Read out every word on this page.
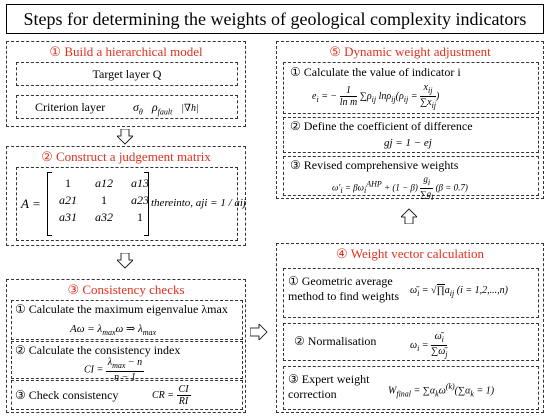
Steps for determining the weights of geological complexity indicators
① Build a hierarchical model
Target layer Q
Criterion layer $\sigma_\theta$   $\rho_{fault}$ |∇h|
② Construct a judgement matrix
A =
1	a12	a13
a21	1	a23
a31	a32	1
thereinto, aji = 1 / aij
③ Consistency checks
① Calculate the maximum eigenvalue λmax
$A\omega = \lambda_{max}\omega$ ⇒ $\lambda_{max}$
② Calculate the consistency index
CI = $\frac{\lambda_{max} - n}{n - 1}$
③ Check consistency	CR = $\frac{CI}{RI}$
⑤ Dynamic weight adjustment
① Calculate the value of indicator i
$e_i$ = − $\frac{1}{\text{ln m}} \sum\rho_{ij}$ $\ln\rho_{ij}(\rho_{ij} = \frac{x_{ij}}{\sum x_{ij}}$ )
② Define the coefficient of difference
gj = 1 − ej
③ Revised comprehensive weights
$\omega'_i = \beta\omega_i^{AHP} + (1 - \beta) \frac{g_i}{\sum g_i} (\beta = 0.7)$
④ Weight vector calculation
① Geometric average method to find weights	$\omegā_i$ = $√\prod a_{ij}$ (i = 1,2,...,n)
② Normalisation	$\omega_i = \frac{\omegā_i}{\sum\omegā_j}$
③ Expert weight correction	$W_{final} = \sum\alpha_k\omega^{(k)}(\sum\alpha_k = 1)$
